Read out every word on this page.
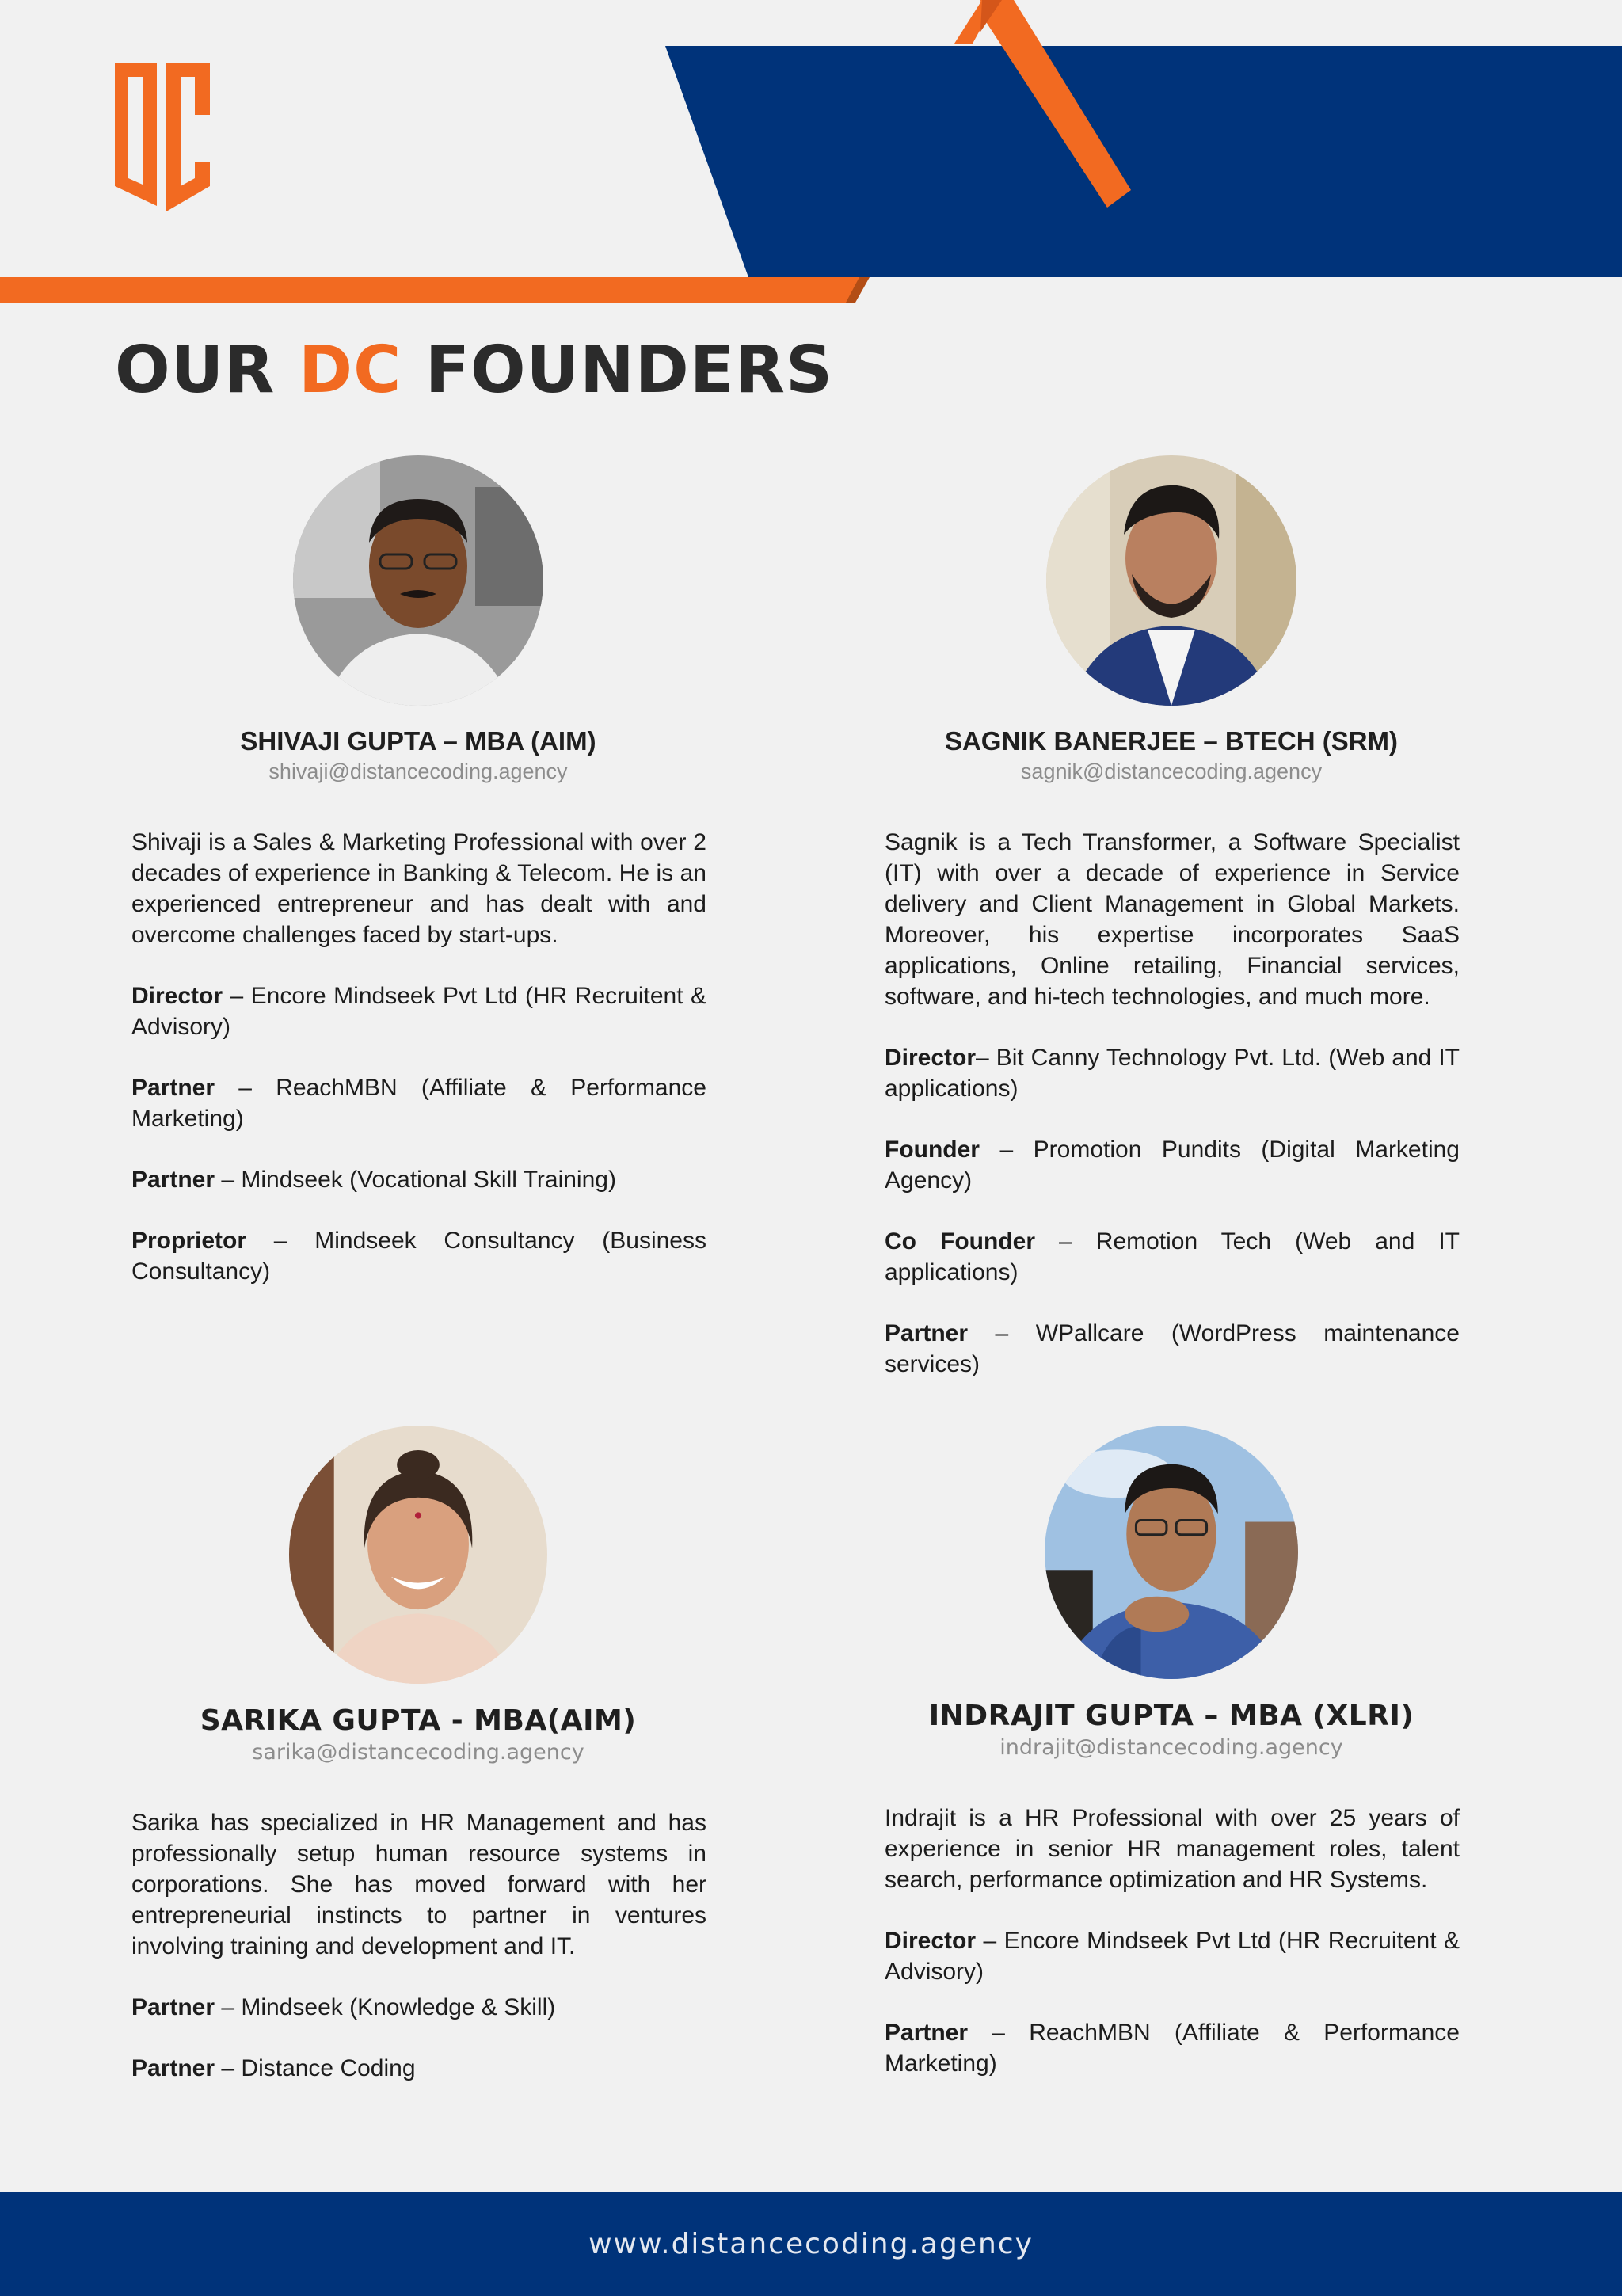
OUR DC FOUNDERS
SHIVAJI GUPTA – MBA (AIM)
shivaji@distancecoding.agency
Shivaji is a Sales & Marketing Professional with over 2 decades of experience in Banking & Telecom. He is an experienced entrepreneur and has dealt with and overcome challenges faced by start-ups.
Director – Encore Mindseek Pvt Ltd (HR Recruitent & Advisory)
Partner – ReachMBN (Affiliate & Performance Marketing)
Partner – Mindseek (Vocational Skill Training)
Proprietor – Mindseek Consultancy (Business Consultancy)
SAGNIK BANERJEE – BTECH (SRM)
sagnik@distancecoding.agency
Sagnik is a Tech Transformer, a Software Specialist (IT) with over a decade of experience in Service delivery and Client Management in Global Markets. Moreover, his expertise incorporates SaaS applications, Online retailing, Financial services, software, and hi-tech technologies, and much more.
Director– Bit Canny Technology Pvt. Ltd. (Web and IT applications)
Founder – Promotion Pundits (Digital Marketing Agency)
Co Founder – Remotion Tech (Web and IT applications)
Partner – WPallcare (WordPress maintenance services)
SARIKA GUPTA - MBA(AIM)
sarika@distancecoding.agency
Sarika has specialized in HR Management and has professionally setup human resource systems in corporations. She has moved forward with her entrepreneurial instincts to partner in ventures involving training and development and IT.
Partner – Mindseek (Knowledge & Skill)
Partner – Distance Coding
INDRAJIT GUPTA – MBA (XLRI)
indrajit@distancecoding.agency
Indrajit is a HR Professional with over 25 years of experience in senior HR management roles, talent search, performance optimization and HR Systems.
Director – Encore Mindseek Pvt Ltd (HR Recruitent & Advisory)
Partner – ReachMBN (Affiliate & Performance Marketing)
www.distancecoding.agency
